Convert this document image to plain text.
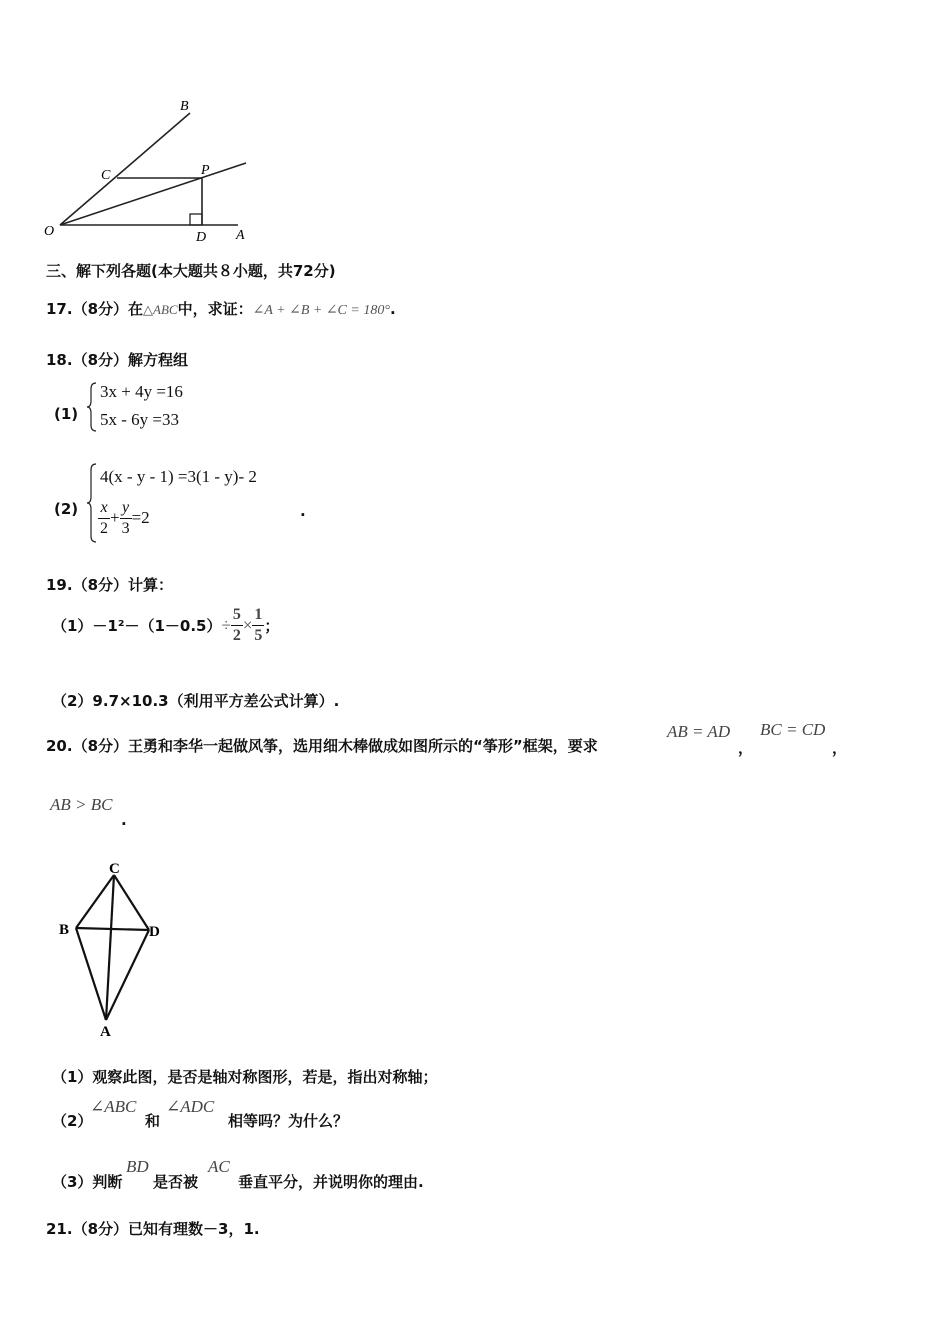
B
C	P
O	D A
三、解下列各题(本大题共８小题，共72分)
17.（8分）在△ABC中，求证：∠A + ∠B + ∠C = 180°.
18.（8分）解方程组
(1)
3x + 4y =16
5x - 6y =33
(2)
4(x - y - 1) =3(1 - y)- 2
$\frac{x}{2} + \frac{y}{3} =2$	.
19.（8分）计算：
$(1)-1^2-(1-0.5)\div \frac{5}{2} \times \frac{1}{5}$ ；
（2）9.7×10.3（利用平方差公式计算）.
20.（8分）王勇和李华一起做风筝，选用细木棒做成如图所示的“筝形”框架，要求
AB = AD
，
BC = CD
，
AB > BC
.
C
B	D
A
（1）观察此图，是否是轴对称图形，若是，指出对称轴；
（2）
∠ABC
和
∠ADC
相等吗？为什么？
（3）判断
BD
是否被
AC
垂直平分，并说明你的理由.
21.（8分）已知有理数－3，1.
